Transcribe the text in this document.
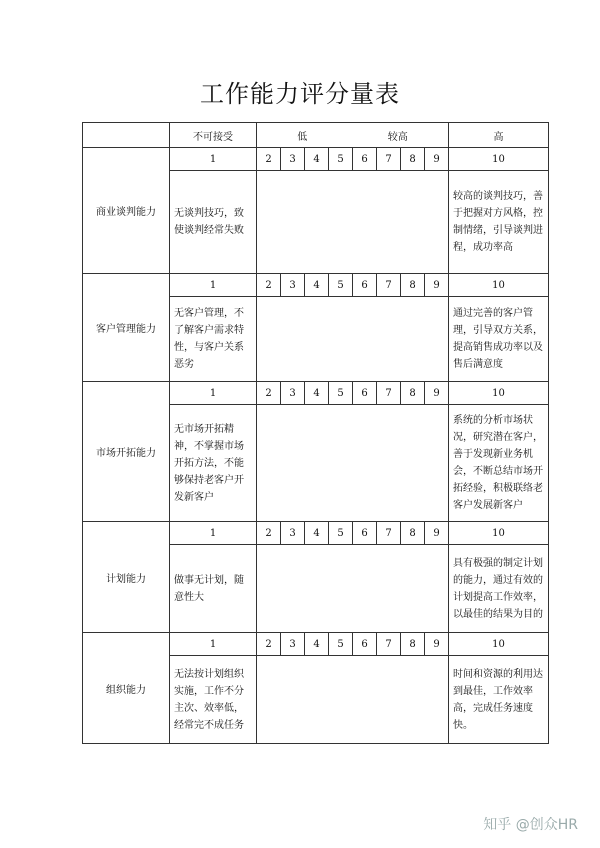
工作能力评分量表
	不可接受	低 较高								高
商业谈判能力	1	2	3	4	5	6	7	8	9	10
	无谈判技巧，致使谈判经常失败									较高的谈判技巧，善于把握对方风格，控制情绪，引导谈判进程，成功率高
客户管理能力	1	2	3	4	5	6	7	8	9	10
	无客户管理，不了解客户需求特性，与客户关系恶劣									通过完善的客户管理，引导双方关系，提高销售成功率以及售后满意度
市场开拓能力	1	2	3	4	5	6	7	8	9	10
	无市场开拓精神，不掌握市场开拓方法，不能够保持老客户开发新客户									系统的分析市场状况，研究潜在客户，善于发现新业务机会，不断总结市场开拓经验，积极联络老客户发展新客户
计划能力	1	2	3	4	5	6	7	8	9	10
	做事无计划，随意性大									具有极强的制定计划的能力，通过有效的计划提高工作效率，以最佳的结果为目的
组织能力	1	2	3	4	5	6	7	8	9	10
	无法按计划组织实施，工作不分主次、效率低，经常完不成任务									时间和资源的利用达到最佳，工作效率高，完成任务速度快。
知乎 @创众HR
